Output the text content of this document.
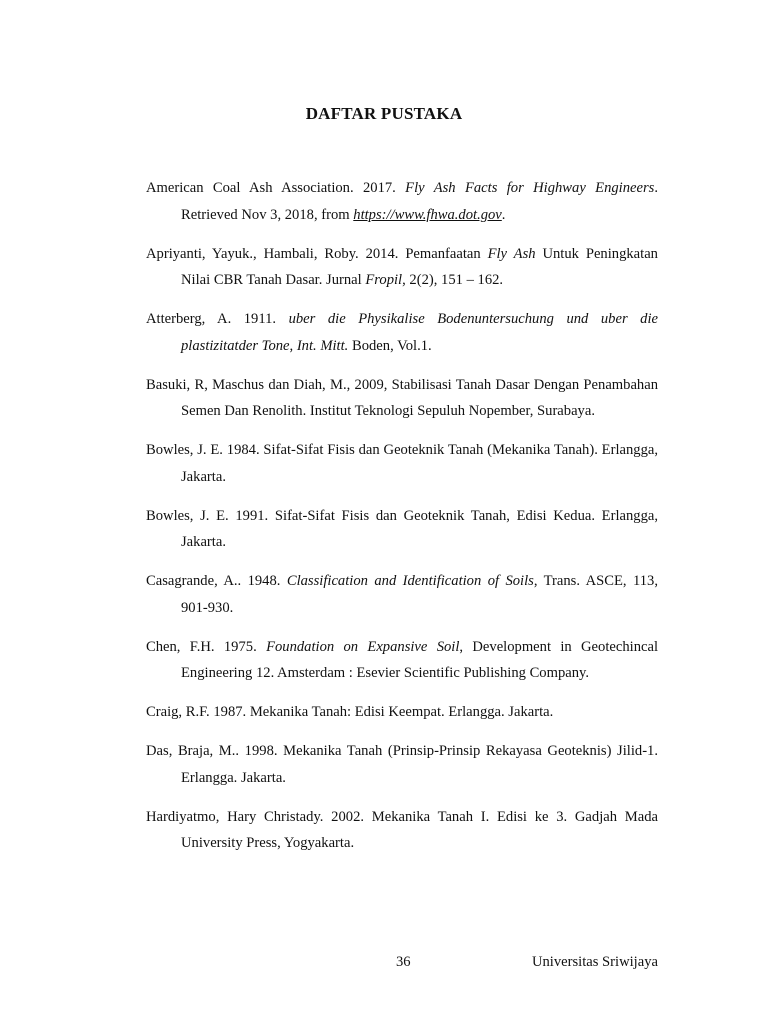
DAFTAR PUSTAKA

American Coal Ash Association. 2017. Fly Ash Facts for Highway Engineers. Retrieved Nov 3, 2018, from https://www.fhwa.dot.gov.

Apriyanti, Yayuk., Hambali, Roby. 2014. Pemanfaatan Fly Ash Untuk Peningkatan Nilai CBR Tanah Dasar. Jurnal Fropil, 2(2), 151 – 162.

Atterberg, A. 1911. uber die Physikalise Bodenuntersuchung und uber die plastizitatder Tone, Int. Mitt. Boden, Vol.1.

Basuki, R, Maschus dan Diah, M., 2009, Stabilisasi Tanah Dasar Dengan Penambahan Semen Dan Renolith. Institut Teknologi Sepuluh Nopember, Surabaya.

Bowles, J. E. 1984. Sifat-Sifat Fisis dan Geoteknik Tanah (Mekanika Tanah). Erlangga, Jakarta.

Bowles, J. E. 1991. Sifat-Sifat Fisis dan Geoteknik Tanah, Edisi Kedua. Erlangga, Jakarta.

Casagrande, A.. 1948. Classification and Identification of Soils, Trans. ASCE, 113, 901-930.

Chen, F.H. 1975. Foundation on Expansive Soil, Development in Geotechincal Engineering 12. Amsterdam : Esevier Scientific Publishing Company.

Craig, R.F. 1987. Mekanika Tanah: Edisi Keempat. Erlangga. Jakarta.

Das, Braja, M.. 1998. Mekanika Tanah (Prinsip-Prinsip Rekayasa Geoteknis) Jilid-1. Erlangga. Jakarta.

Hardiyatmo, Hary Christady. 2002. Mekanika Tanah I. Edisi ke 3. Gadjah Mada University Press, Yogyakarta.

36	Universitas Sriwijaya
